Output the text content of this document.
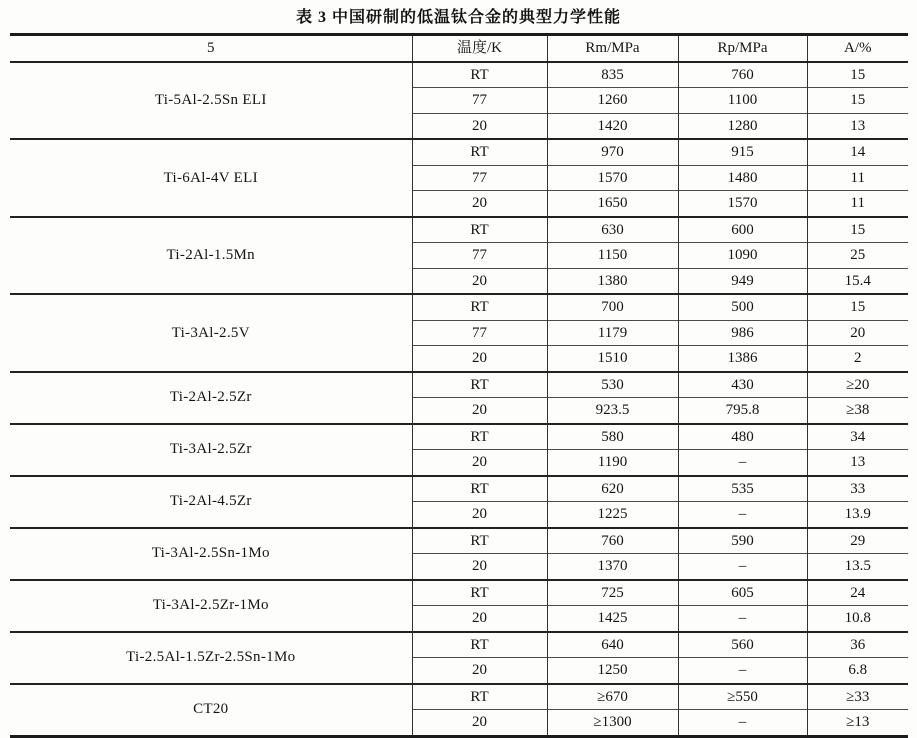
表 3 中国研制的低温钛合金的典型力学性能
5	温度/K	Rm/MPa	Rp/MPa	A/%
Ti-5Al-2.5Sn ELI	RT	835	760	15
	77	1260	1100	15
	20	1420	1280	13
Ti-6Al-4V ELI	RT	970	915	14
	77	1570	1480	11
	20	1650	1570	11
Ti-2Al-1.5Mn	RT	630	600	15
	77	1150	1090	25
	20	1380	949	15.4
Ti-3Al-2.5V	RT	700	500	15
	77	1179	986	20
	20	1510	1386	2
Ti-2Al-2.5Zr	RT	530	430	≥20
	20	923.5	795.8	≥38
Ti-3Al-2.5Zr	RT	580	480	34
	20	1190	–	13
Ti-2Al-4.5Zr	RT	620	535	33
	20	1225	–	13.9
Ti-3Al-2.5Sn-1Mo	RT	760	590	29
	20	1370	–	13.5
Ti-3Al-2.5Zr-1Mo	RT	725	605	24
	20	1425	–	10.8
Ti-2.5Al-1.5Zr-2.5Sn-1Mo	RT	640	560	36
	20	1250	–	6.8
CT20	RT	≥670	≥550	≥33
	20	≥1300	–	≥13
